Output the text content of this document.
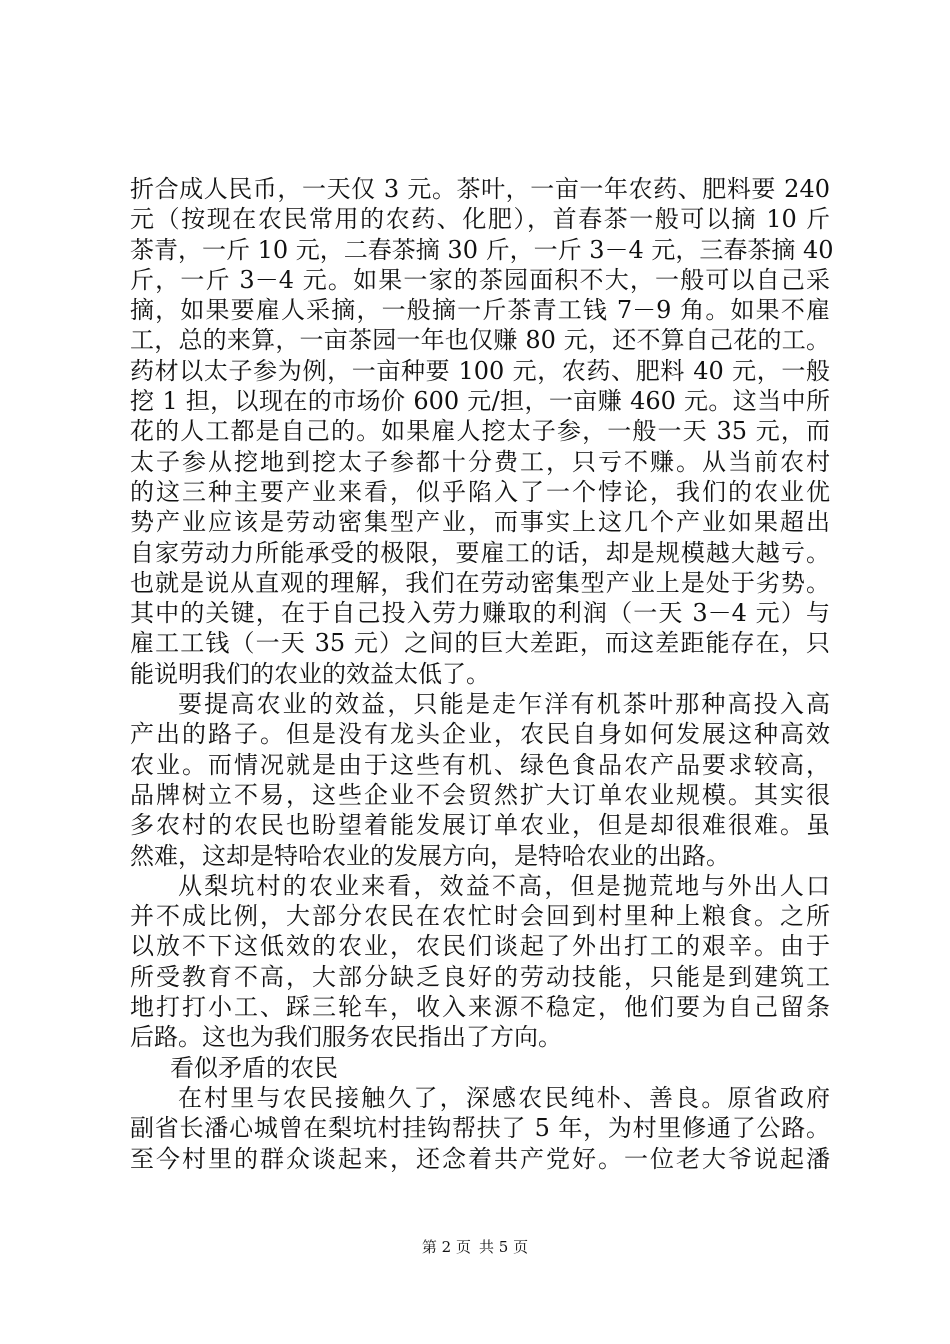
折合成人民币，一天仅 3 元。茶叶，一亩一年农药、肥料要 240
元（按现在农民常用的农药、化肥），首春茶一般可以摘 10 斤
茶青，一斤 10 元，二春茶摘 30 斤，一斤 3－4 元，三春茶摘 40
斤，一斤 3－4 元。如果一家的茶园面积不大，一般可以自己采
摘，如果要雇人采摘，一般摘一斤茶青工钱 7－9 角。如果不雇
工，总的来算，一亩茶园一年也仅赚 80 元，还不算自己花的工。
药材以太子参为例，一亩种要 100 元，农药、肥料 40 元，一般
挖 1 担，以现在的市场价 600 元/担，一亩赚 460 元。这当中所
花的人工都是自己的。如果雇人挖太子参，一般一天 35 元，而
太子参从挖地到挖太子参都十分费工，只亏不赚。从当前农村
的这三种主要产业来看，似乎陷入了一个悖论，我们的农业优
势产业应该是劳动密集型产业，而事实上这几个产业如果超出
自家劳动力所能承受的极限，要雇工的话，却是规模越大越亏。
也就是说从直观的理解，我们在劳动密集型产业上是处于劣势。
其中的关键，在于自己投入劳力赚取的利润（一天 3－4 元）与
雇工工钱（一天 35 元）之间的巨大差距，而这差距能存在，只
能说明我们的农业的效益太低了。
要提高农业的效益，只能是走乍洋有机茶叶那种高投入高
产出的路子。但是没有龙头企业，农民自身如何发展这种高效
农业。而情况就是由于这些有机、绿色食品农产品要求较高，
品牌树立不易，这些企业不会贸然扩大订单农业规模。其实很
多农村的农民也盼望着能发展订单农业，但是却很难很难。虽
然难，这却是特哈农业的发展方向，是特哈农业的出路。
从梨坑村的农业来看，效益不高，但是抛荒地与外出人口
并不成比例，大部分农民在农忙时会回到村里种上粮食。之所
以放不下这低效的农业，农民们谈起了外出打工的艰辛。由于
所受教育不高，大部分缺乏良好的劳动技能，只能是到建筑工
地打打小工、踩三轮车，收入来源不稳定，他们要为自己留条
后路。这也为我们服务农民指出了方向。
看似矛盾的农民
在村里与农民接触久了，深感农民纯朴、善良。原省政府
副省长潘心城曾在梨坑村挂钩帮扶了 5 年，为村里修通了公路。
至今村里的群众谈起来，还念着共产党好。一位老大爷说起潘
第 2 页 共 5 页
